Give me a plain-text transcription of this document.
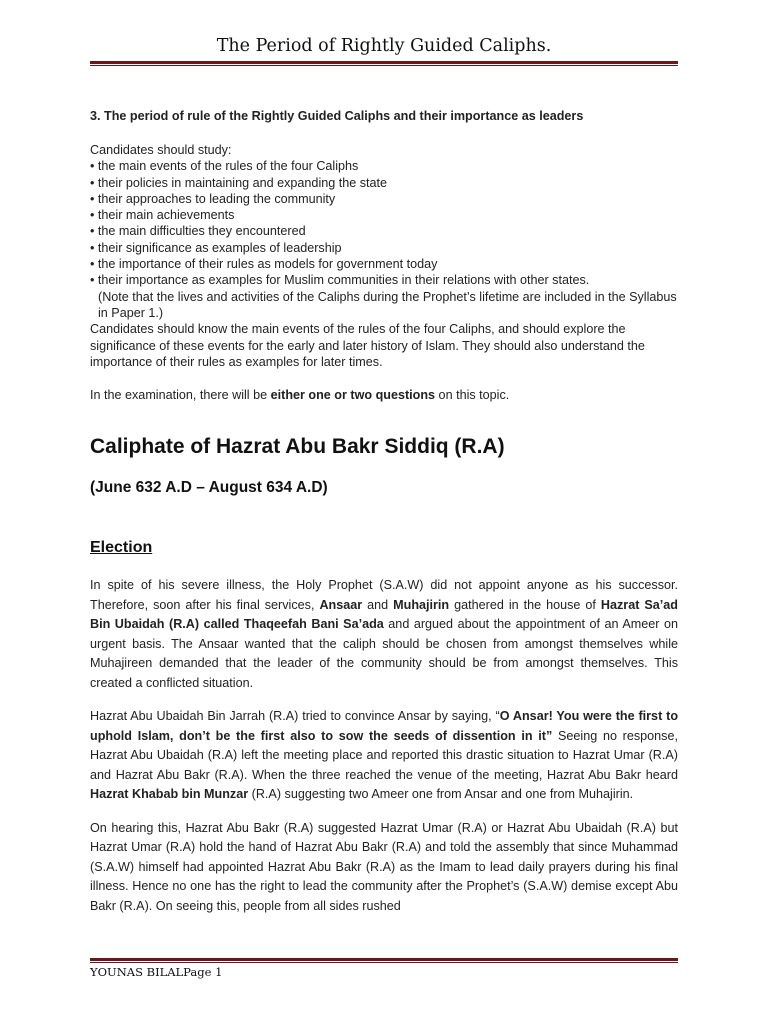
The Period of Rightly Guided Caliphs.

3. The period of rule of the Rightly Guided Caliphs and their importance as leaders

Candidates should study:
• the main events of the rules of the four Caliphs
• their policies in maintaining and expanding the state
• their approaches to leading the community
• their main achievements
• the main difficulties they encountered
• their significance as examples of leadership
• the importance of their rules as models for government today
• their importance as examples for Muslim communities in their relations with other states.
(Note that the lives and activities of the Caliphs during the Prophet’s lifetime are included in the Syllabus in Paper 1.)
Candidates should know the main events of the rules of the four Caliphs, and should explore the significance of these events for the early and later history of Islam. They should also understand the importance of their rules as examples for later times.
In the examination, there will be either one or two questions on this topic.
Caliphate of Hazrat Abu Bakr Siddiq (R.A)
(June 632 A.D – August 634 A.D)
Election
In spite of his severe illness, the Holy Prophet (S.A.W) did not appoint anyone as his successor. Therefore, soon after his final services, Ansaar and Muhajirin gathered in the house of Hazrat Sa’ad Bin Ubaidah (R.A) called Thaqeefah Bani Sa’ada and argued about the appointment of an Ameer on urgent basis. The Ansaar wanted that the caliph should be chosen from amongst themselves while Muhajireen demanded that the leader of the community should be from amongst themselves. This created a conflicted situation.
Hazrat Abu Ubaidah Bin Jarrah (R.A) tried to convince Ansar by saying, “O Ansar! You were the first to uphold Islam, don’t be the first also to sow the seeds of dissention in it” Seeing no response, Hazrat Abu Ubaidah (R.A) left the meeting place and reported this drastic situation to Hazrat Umar (R.A) and Hazrat Abu Bakr (R.A). When the three reached the venue of the meeting, Hazrat Abu Bakr heard Hazrat Khabab bin Munzar (R.A) suggesting two Ameer one from Ansar and one from Muhajirin.
On hearing this, Hazrat Abu Bakr (R.A) suggested Hazrat Umar (R.A) or Hazrat Abu Ubaidah (R.A) but Hazrat Umar (R.A) hold the hand of Hazrat Abu Bakr (R.A) and told the assembly that since Muhammad (S.A.W) himself had appointed Hazrat Abu Bakr (R.A) as the Imam to lead daily prayers during his final illness. Hence no one has the right to lead the community after the Prophet’s (S.A.W) demise except Abu Bakr (R.A). On seeing this, people from all sides rushed
YOUNAS BILALPage 1
